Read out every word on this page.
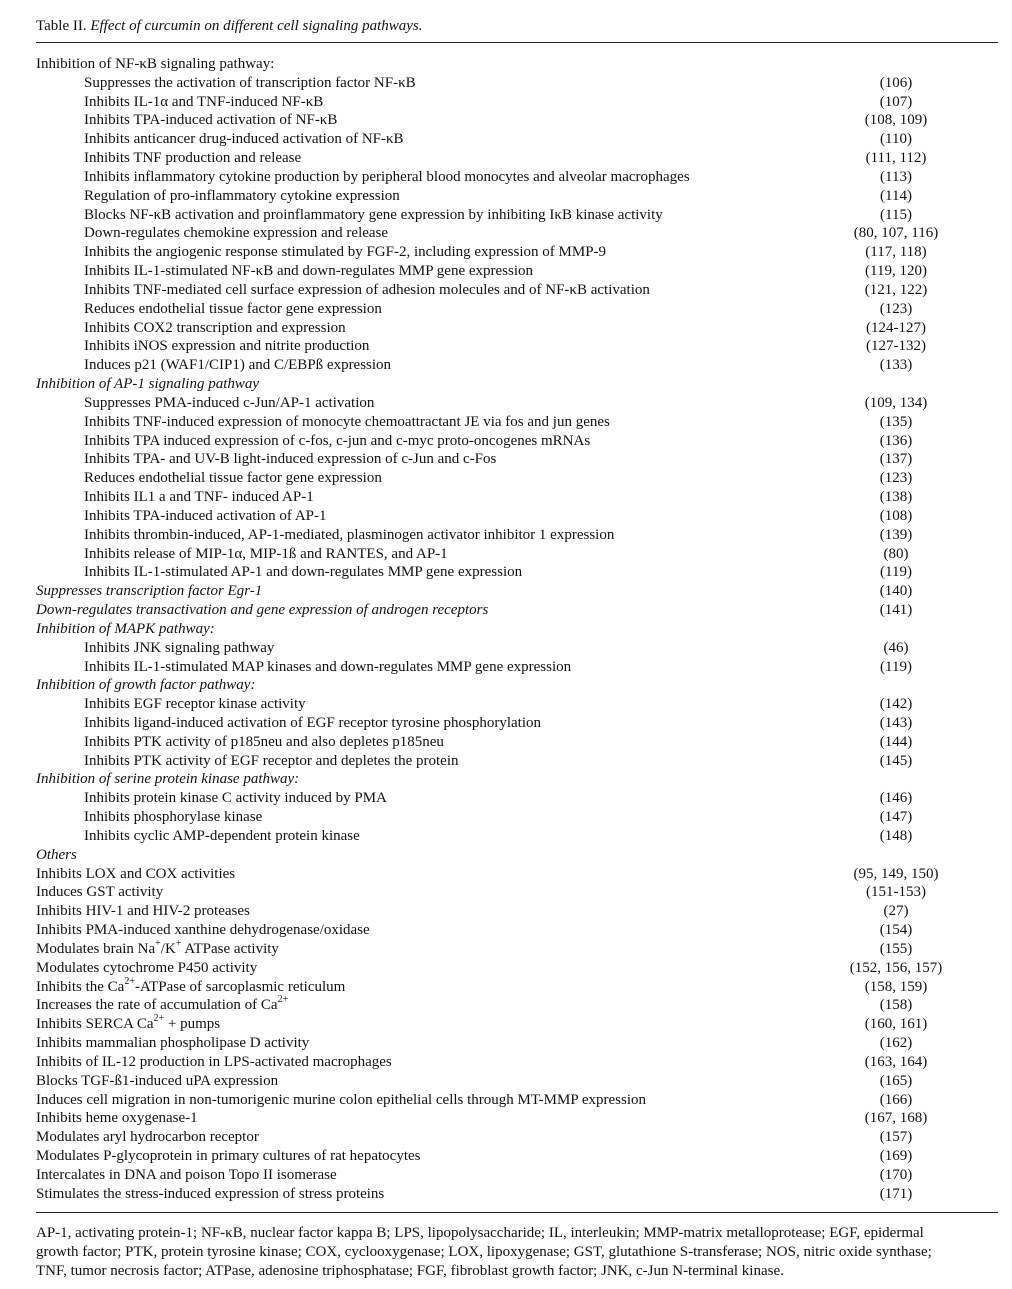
Table II. Effect of curcumin on different cell signaling pathways.
Inhibition of NF-κB signaling pathway:
Suppresses the activation of transcription factor NF-κB	(106)
Inhibits IL-1α and TNF-induced NF-κB	(107)
Inhibits TPA-induced activation of NF-κB	(108, 109)
Inhibits anticancer drug-induced activation of NF-κB	(110)
Inhibits TNF production and release	(111, 112)
Inhibits inflammatory cytokine production by peripheral blood monocytes and alveolar macrophages	(113)
Regulation of pro-inflammatory cytokine expression	(114)
Blocks NF-κB activation and proinflammatory gene expression by inhibiting IκB kinase activity	(115)
Down-regulates chemokine expression and release	(80, 107, 116)
Inhibits the angiogenic response stimulated by FGF-2, including expression of MMP-9	(117, 118)
Inhibits IL-1-stimulated NF-κB and down-regulates MMP gene expression	(119, 120)
Inhibits TNF-mediated cell surface expression of adhesion molecules and of NF-κB activation	(121, 122)
Reduces endothelial tissue factor gene expression	(123)
Inhibits COX2 transcription and expression	(124-127)
Inhibits iNOS expression and nitrite production	(127-132)
Induces p21 (WAF1/CIP1) and C/EBPß expression	(133)
Inhibition of AP-1 signaling pathway
Suppresses PMA-induced c-Jun/AP-1 activation	(109, 134)
Inhibits TNF-induced expression of monocyte chemoattractant JE via fos and jun genes	(135)
Inhibits TPA induced expression of c-fos, c-jun and c-myc proto-oncogenes mRNAs	(136)
Inhibits TPA- and UV-B light-induced expression of c-Jun and c-Fos	(137)
Reduces endothelial tissue factor gene expression	(123)
Inhibits IL1 a and TNF- induced AP-1	(138)
Inhibits TPA-induced activation of AP-1	(108)
Inhibits thrombin-induced, AP-1-mediated, plasminogen activator inhibitor 1 expression	(139)
Inhibits release of MIP-1α, MIP-1ß and RANTES, and AP-1	(80)
Inhibits IL-1-stimulated AP-1 and down-regulates MMP gene expression	(119)
Suppresses transcription factor Egr-1	(140)
Down-regulates transactivation and gene expression of androgen receptors	(141)
Inhibition of MAPK pathway:
Inhibits JNK signaling pathway	(46)
Inhibits IL-1-stimulated MAP kinases and down-regulates MMP gene expression	(119)
Inhibition of growth factor pathway:
Inhibits EGF receptor kinase activity	(142)
Inhibits ligand-induced activation of EGF receptor tyrosine phosphorylation	(143)
Inhibits PTK activity of p185neu and also depletes p185neu	(144)
Inhibits PTK activity of EGF receptor and depletes the protein	(145)
Inhibition of serine protein kinase pathway:
Inhibits protein kinase C activity induced by PMA	(146)
Inhibits phosphorylase kinase	(147)
Inhibits cyclic AMP-dependent protein kinase	(148)
Others
Inhibits LOX and COX activities	(95, 149, 150)
Induces GST activity	(151-153)
Inhibits HIV-1 and HIV-2 proteases	(27)
Inhibits PMA-induced xanthine dehydrogenase/oxidase	(154)
Modulates brain Na+/K+ ATPase activity	(155)
Modulates cytochrome P450 activity	(152, 156, 157)
Inhibits the $Ca^{2+}$-ATPase of sarcoplasmic reticulum	(158, 159)
Increases the rate of accumulation of $Ca^{2+}$	(158)
Inhibits SERCA $Ca^{2+}$ + pumps	(160, 161)
Inhibits mammalian phospholipase D activity	(162)
Inhibits of IL-12 production in LPS-activated macrophages	(163, 164)
Blocks TGF-ß1-induced uPA expression	(165)
Induces cell migration in non-tumorigenic murine colon epithelial cells through MT-MMP expression	(166)
Inhibits heme oxygenase-1	(167, 168)
Modulates aryl hydrocarbon receptor	(157)
Modulates P-glycoprotein in primary cultures of rat hepatocytes	(169)
Intercalates in DNA and poison Topo II isomerase	(170)
Stimulates the stress-induced expression of stress proteins	(171)
AP-1, activating protein-1; NF-κB, nuclear factor kappa B; LPS, lipopolysaccharide; IL, interleukin; MMP-matrix metalloprotease; EGF, epidermal
growth factor; PTK, protein tyrosine kinase; COX, cyclooxygenase; LOX, lipoxygenase; GST, glutathione S-transferase; NOS, nitric oxide synthase;
TNF, tumor necrosis factor; ATPase, adenosine triphosphatase; FGF, fibroblast growth factor; JNK, c-Jun N-terminal kinase.
